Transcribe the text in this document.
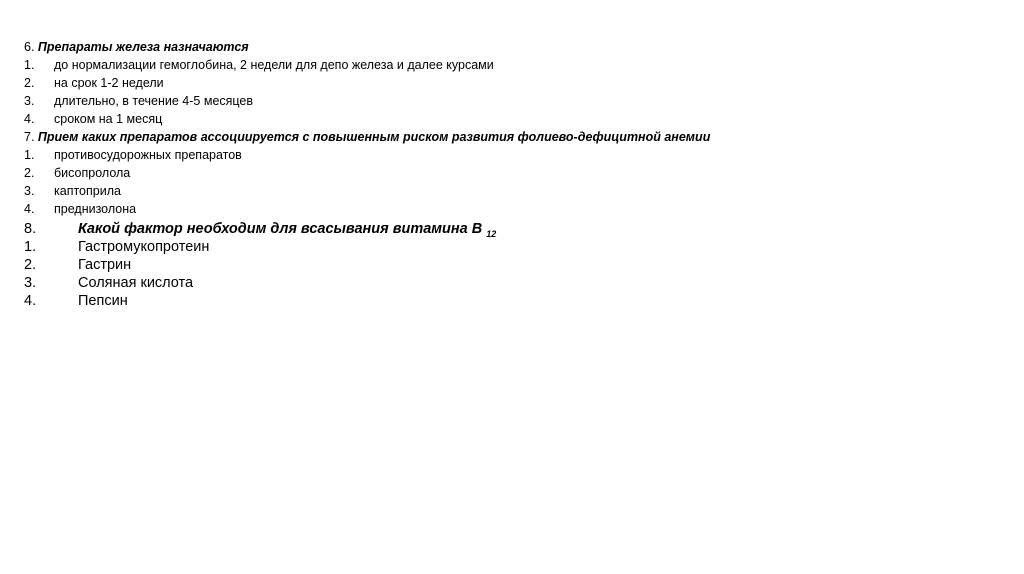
6. Препараты железа назначаются
1. до нормализации гемоглобина, 2 недели для депо железа и далее курсами
2. на срок 1-2 недели
3. длительно, в течение 4-5 месяцев
4. сроком на 1 месяц
7. Прием каких препаратов ассоциируется с повышенным риском развития фолиево-дефицитной анемии
1. противосудорожных препаратов
2. бисопролола
3. каптоприла
4. преднизолона
8.	Какой фактор необходим для всасывания витамина В $_{12}$
1.	Гастромукопротеин
2.	Гастрин
3.	Соляная кислота
4.	Пепсин
